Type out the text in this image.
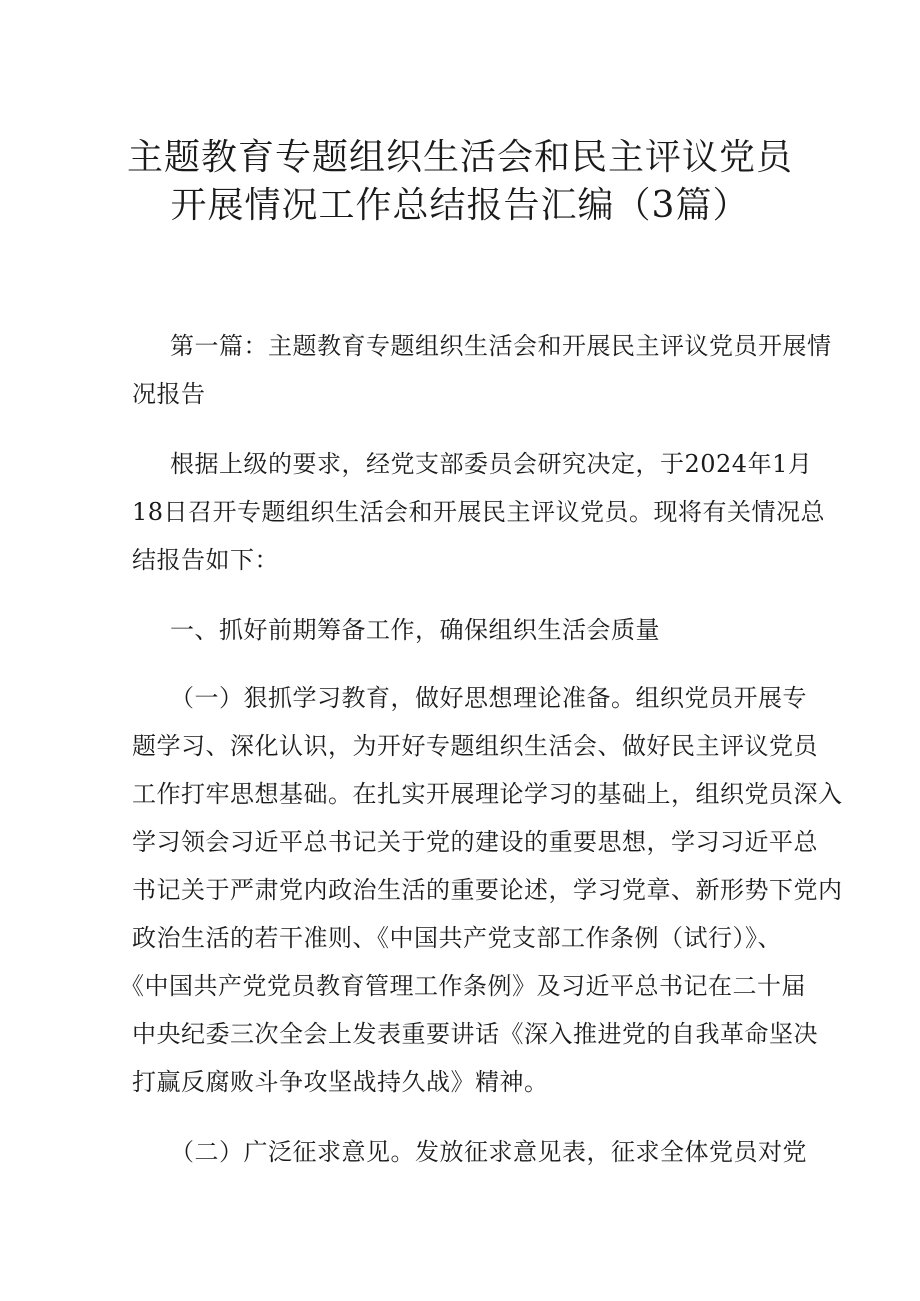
主题教育专题组织生活会和民主评议党员
开展情况工作总结报告汇编（3篇）
第一篇：主题教育专题组织生活会和开展民主评议党员开展情
况报告
根据上级的要求，经党支部委员会研究决定，于2024年1月
18日召开专题组织生活会和开展民主评议党员。现将有关情况总
结报告如下：
一、抓好前期筹备工作，确保组织生活会质量
（一）狠抓学习教育，做好思想理论准备。组织党员开展专
题学习、深化认识，为开好专题组织生活会、做好民主评议党员
工作打牢思想基础。在扎实开展理论学习的基础上，组织党员深入
学习领会习近平总书记关于党的建设的重要思想，学习习近平总
书记关于严肃党内政治生活的重要论述，学习党章、新形势下党内
政治生活的若干准则、《中国共产党支部工作条例（试行）》、
《中国共产党党员教育管理工作条例》及习近平总书记在二十届
中央纪委三次全会上发表重要讲话《深入推进党的自我革命坚决
打赢反腐败斗争攻坚战持久战》精神。
（二）广泛征求意见。发放征求意见表，征求全体党员对党
